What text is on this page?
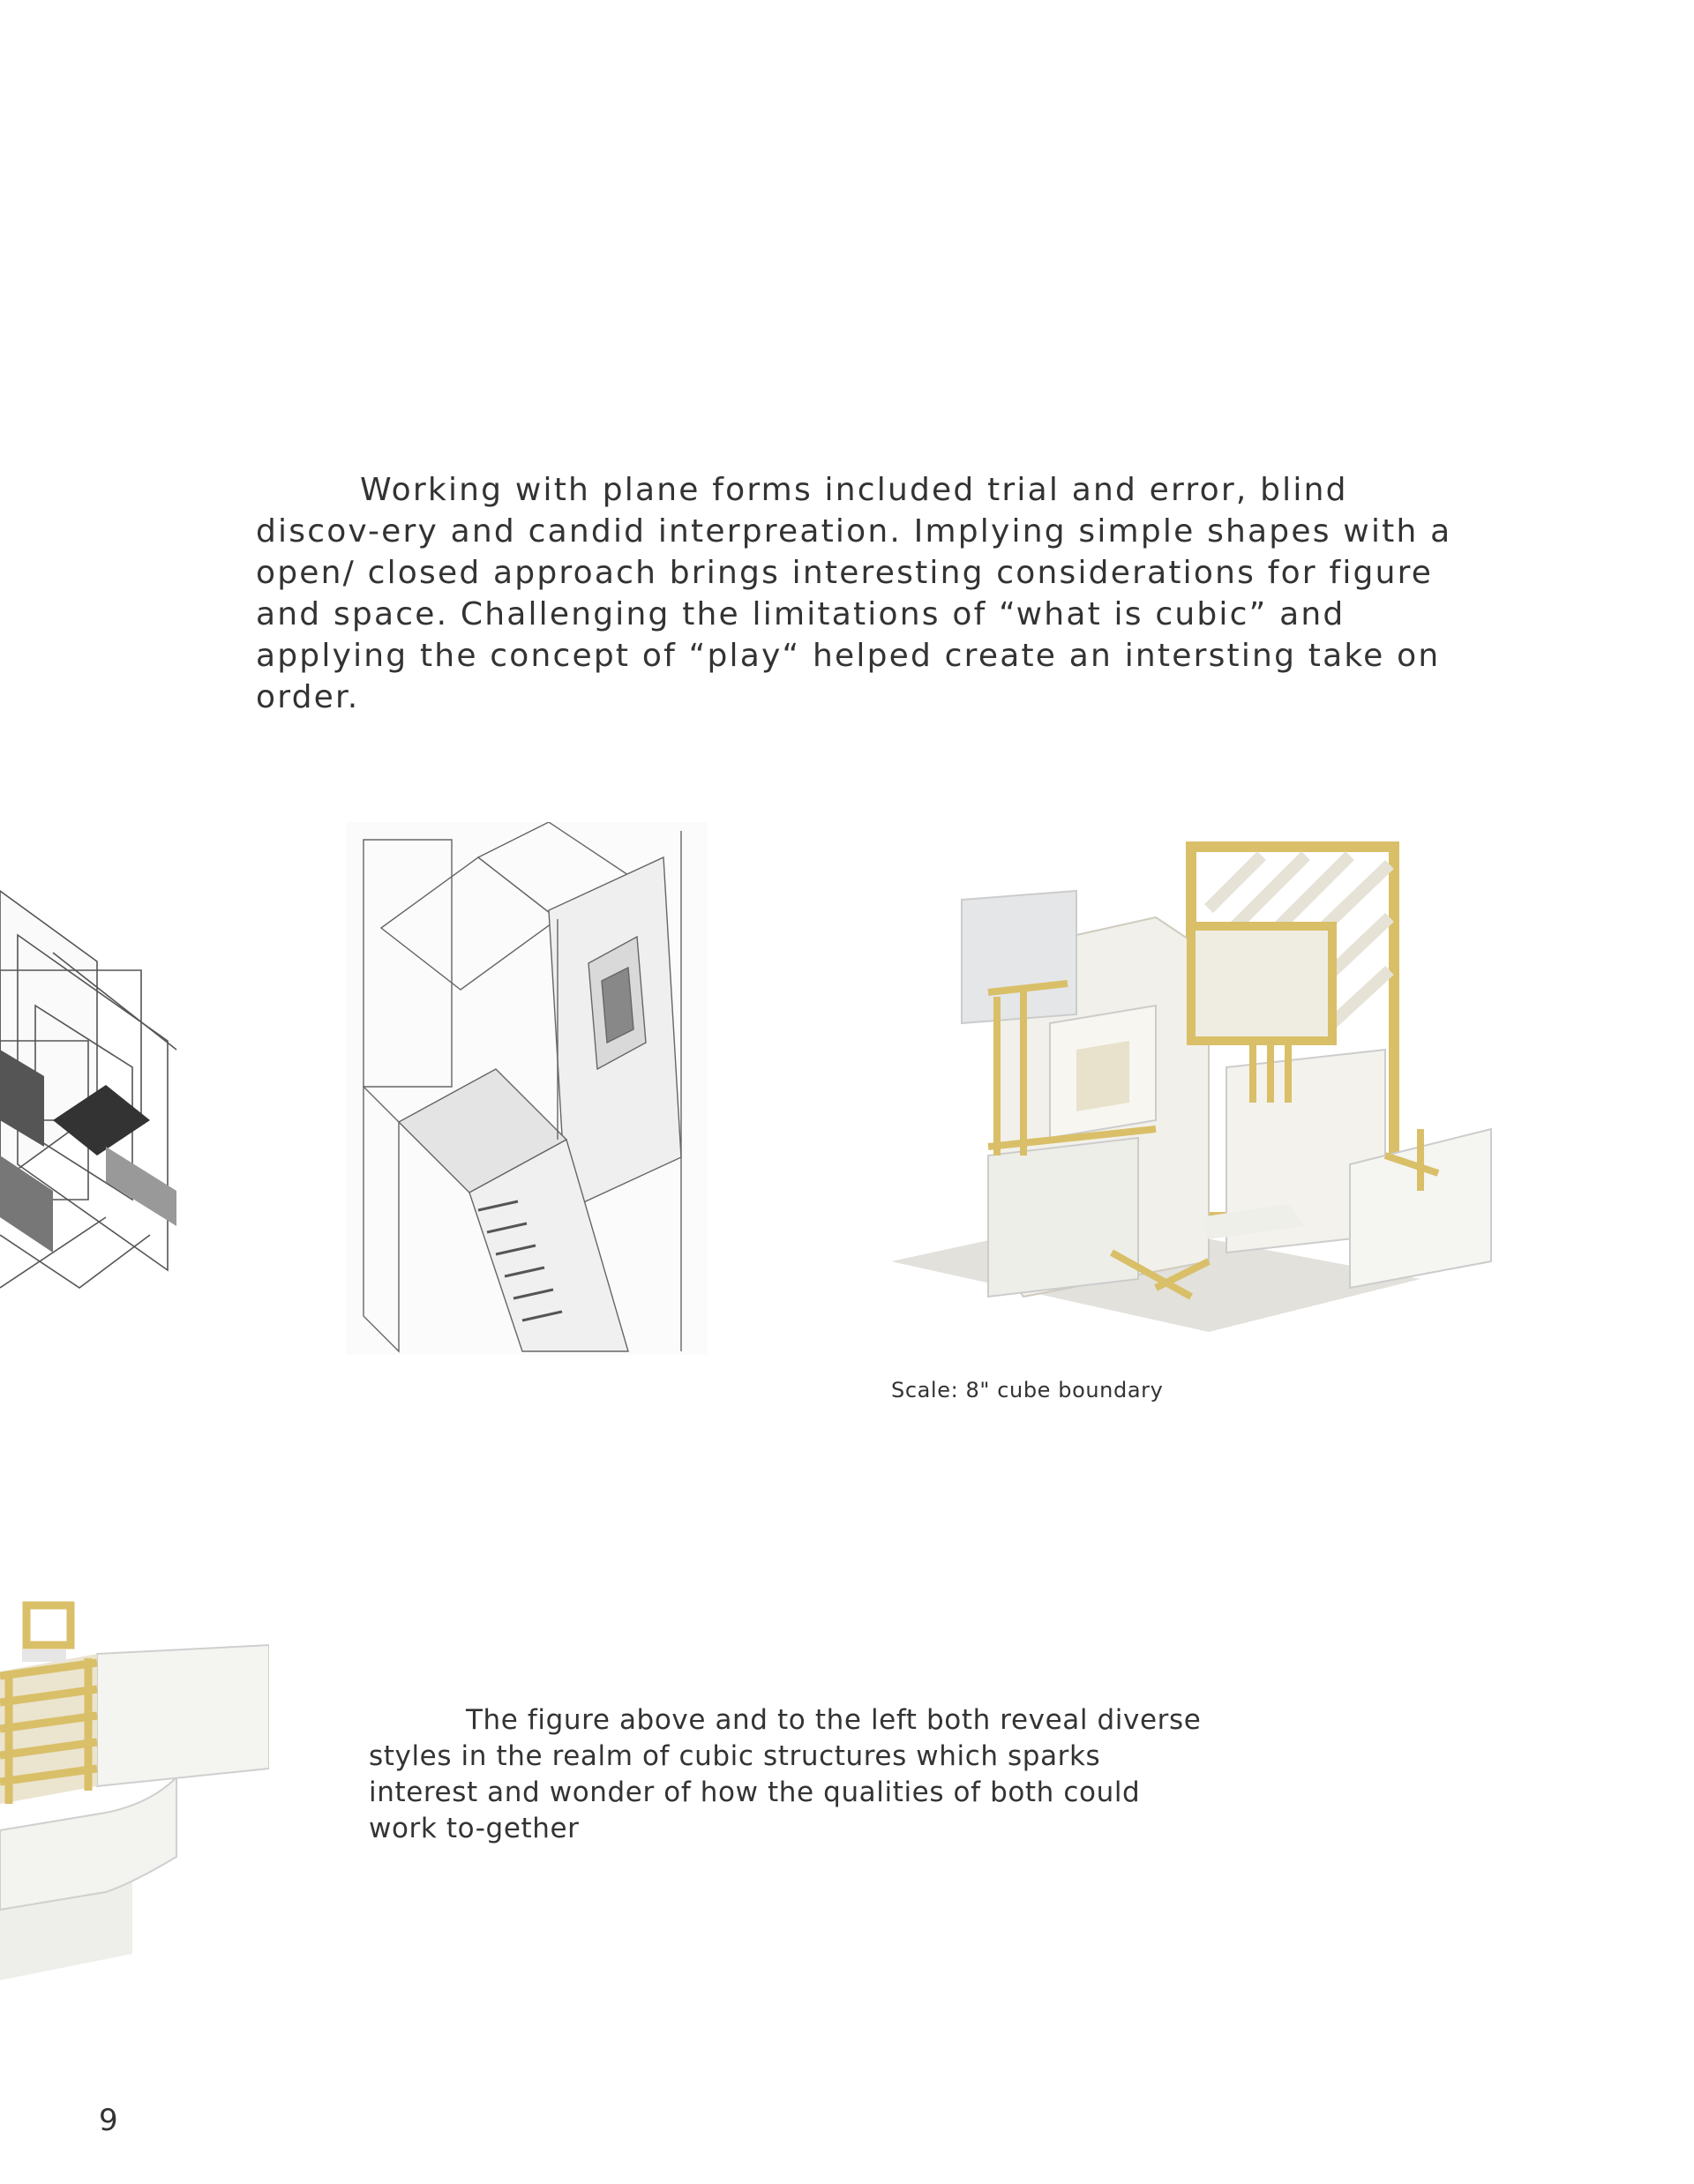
Working with plane forms included trial and error, blind discov-ery and candid interpreation. Implying simple shapes with a open/ closed approach brings interesting considerations for figure and space. Challenging the limitations of “what is cubic” and applying the concept of “play“ helped create an intersting take on order.

Scale: 8" cube boundary

The figure above and to the left both reveal diverse styles in the realm of cubic structures which sparks interest and wonder of how the qualities of both could work to-gether

9
